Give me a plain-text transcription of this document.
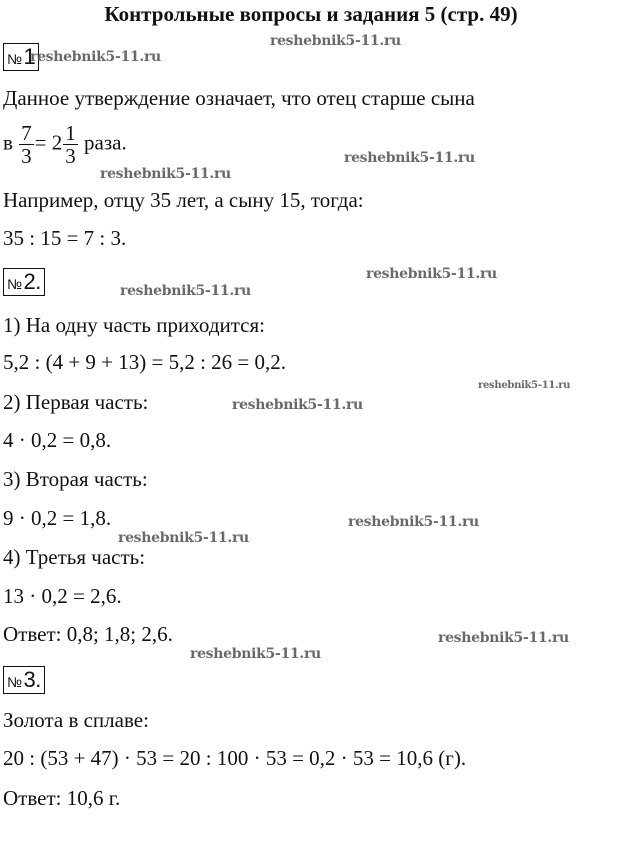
Контрольные вопросы и задания 5 (стр. 49)
№1
Данное утверждение означает, что отец старше сына
в $\frac{7}{3} = 2 \frac{1}{3}$ раза.
Например, отцу 35 лет, а сыну 15, тогда:
35 : 15 = 7 : 3.
№2.
1) На одну часть приходится:
5,2 : (4 + 9 + 13) = 5,2 : 26 = 0,2.
2) Первая часть:
4 · 0,2 = 0,8.
3) Вторая часть:
9 · 0,2 = 1,8.
4) Третья часть:
13 · 0,2 = 2,6.
Ответ: 0,8; 1,8; 2,6.
№3.
Золота в сплаве:
20 : (53 + 47) · 53 = 20 : 100 · 53 = 0,2 · 53 = 10,6 (г).
Ответ: 10,6 г.
reshebnik5-11.ru
reshebnik5-11.ru
reshebnik5-11.ru
reshebnik5-11.ru
reshebnik5-11.ru
reshebnik5-11.ru
reshebnik5-11.ru
reshebnik5-11.ru
reshebnik5-11.ru
reshebnik5-11.ru
reshebnik5-11.ru
reshebnik5-11.ru
